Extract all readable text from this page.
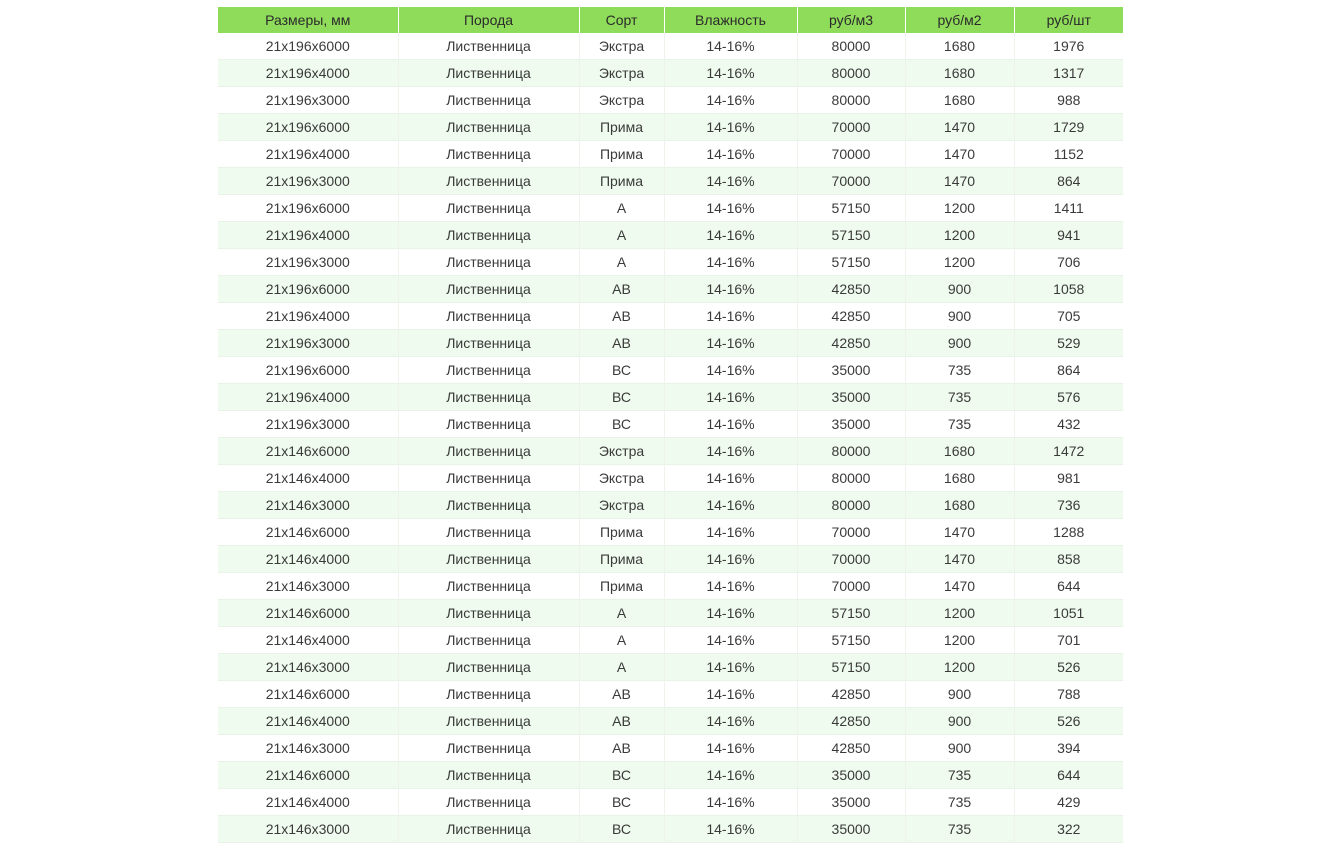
Размеры, мм	Порода	Сорт	Влажность	руб/м3	руб/м2	руб/шт
21х196х6000	Лиственница	Экстра	14-16%	80000	1680	1976
21х196х4000	Лиственница	Экстра	14-16%	80000	1680	1317
21х196х3000	Лиственница	Экстра	14-16%	80000	1680	988
21х196х6000	Лиственница	Прима	14-16%	70000	1470	1729
21х196х4000	Лиственница	Прима	14-16%	70000	1470	1152
21х196х3000	Лиственница	Прима	14-16%	70000	1470	864
21х196х6000	Лиственница	А	14-16%	57150	1200	1411
21х196х4000	Лиственница	А	14-16%	57150	1200	941
21х196х3000	Лиственница	А	14-16%	57150	1200	706
21х196х6000	Лиственница	АВ	14-16%	42850	900	1058
21х196х4000	Лиственница	АВ	14-16%	42850	900	705
21х196х3000	Лиственница	АВ	14-16%	42850	900	529
21х196х6000	Лиственница	ВС	14-16%	35000	735	864
21х196х4000	Лиственница	ВС	14-16%	35000	735	576
21х196х3000	Лиственница	ВС	14-16%	35000	735	432
21х146х6000	Лиственница	Экстра	14-16%	80000	1680	1472
21х146х4000	Лиственница	Экстра	14-16%	80000	1680	981
21х146х3000	Лиственница	Экстра	14-16%	80000	1680	736
21х146х6000	Лиственница	Прима	14-16%	70000	1470	1288
21х146х4000	Лиственница	Прима	14-16%	70000	1470	858
21х146х3000	Лиственница	Прима	14-16%	70000	1470	644
21х146х6000	Лиственница	А	14-16%	57150	1200	1051
21х146х4000	Лиственница	А	14-16%	57150	1200	701
21х146х3000	Лиственница	А	14-16%	57150	1200	526
21х146х6000	Лиственница	АВ	14-16%	42850	900	788
21х146х4000	Лиственница	АВ	14-16%	42850	900	526
21х146х3000	Лиственница	АВ	14-16%	42850	900	394
21х146х6000	Лиственница	ВС	14-16%	35000	735	644
21х146х4000	Лиственница	ВС	14-16%	35000	735	429
21х146х3000	Лиственница	ВС	14-16%	35000	735	322
